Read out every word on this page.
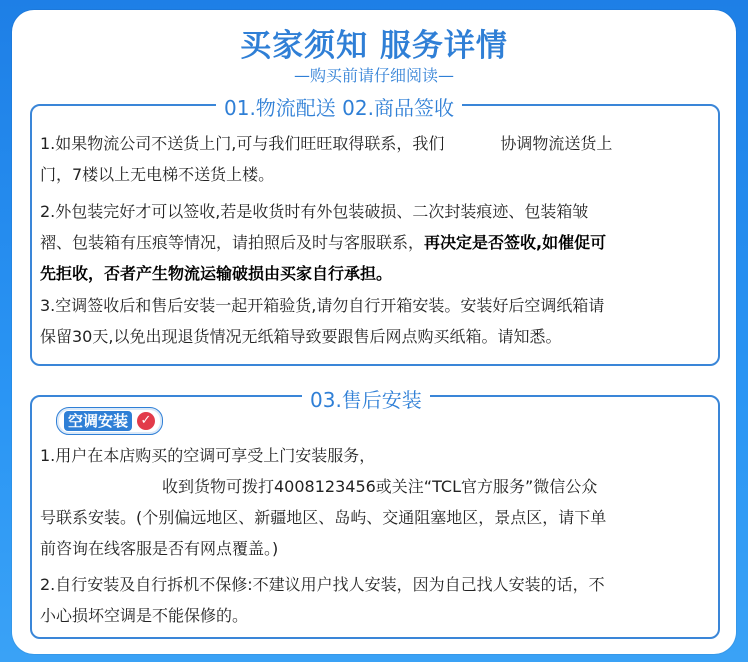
买家须知 服务详情
—购买前请仔细阅读—
01.物流配送 02.商品签收
1.如果物流公司不送货上门,可与我们旺旺取得联系，我们	协调物流送货上
门，7楼以上无电梯不送货上楼。
2.外包装完好才可以签收,若是收货时有外包装破损、二次封装痕迹、包装箱皱
褶、包装箱有压痕等情况，请拍照后及时与客服联系，再决定是否签收,如催促可
先拒收，否者产生物流运输破损由买家自行承担。
3.空调签收后和售后安装一起开箱验货,请勿自行开箱安装。安装好后空调纸箱请
保留30天,以免出现退货情况无纸箱导致要跟售后网点购买纸箱。请知悉。
03.售后安装
空调安装 ✓
1.用户在本店购买的空调可享受上门安装服务，
收到货物可拨打4008123456或关注“TCL官方服务”微信公众
号联系安装。(个别偏远地区、新疆地区、岛屿、交通阻塞地区，景点区，请下单
前咨询在线客服是否有网点覆盖。)
2.自行安装及自行拆机不保修:不建议用户找人安装，因为自己找人安装的话，不
小心损坏空调是不能保修的。
